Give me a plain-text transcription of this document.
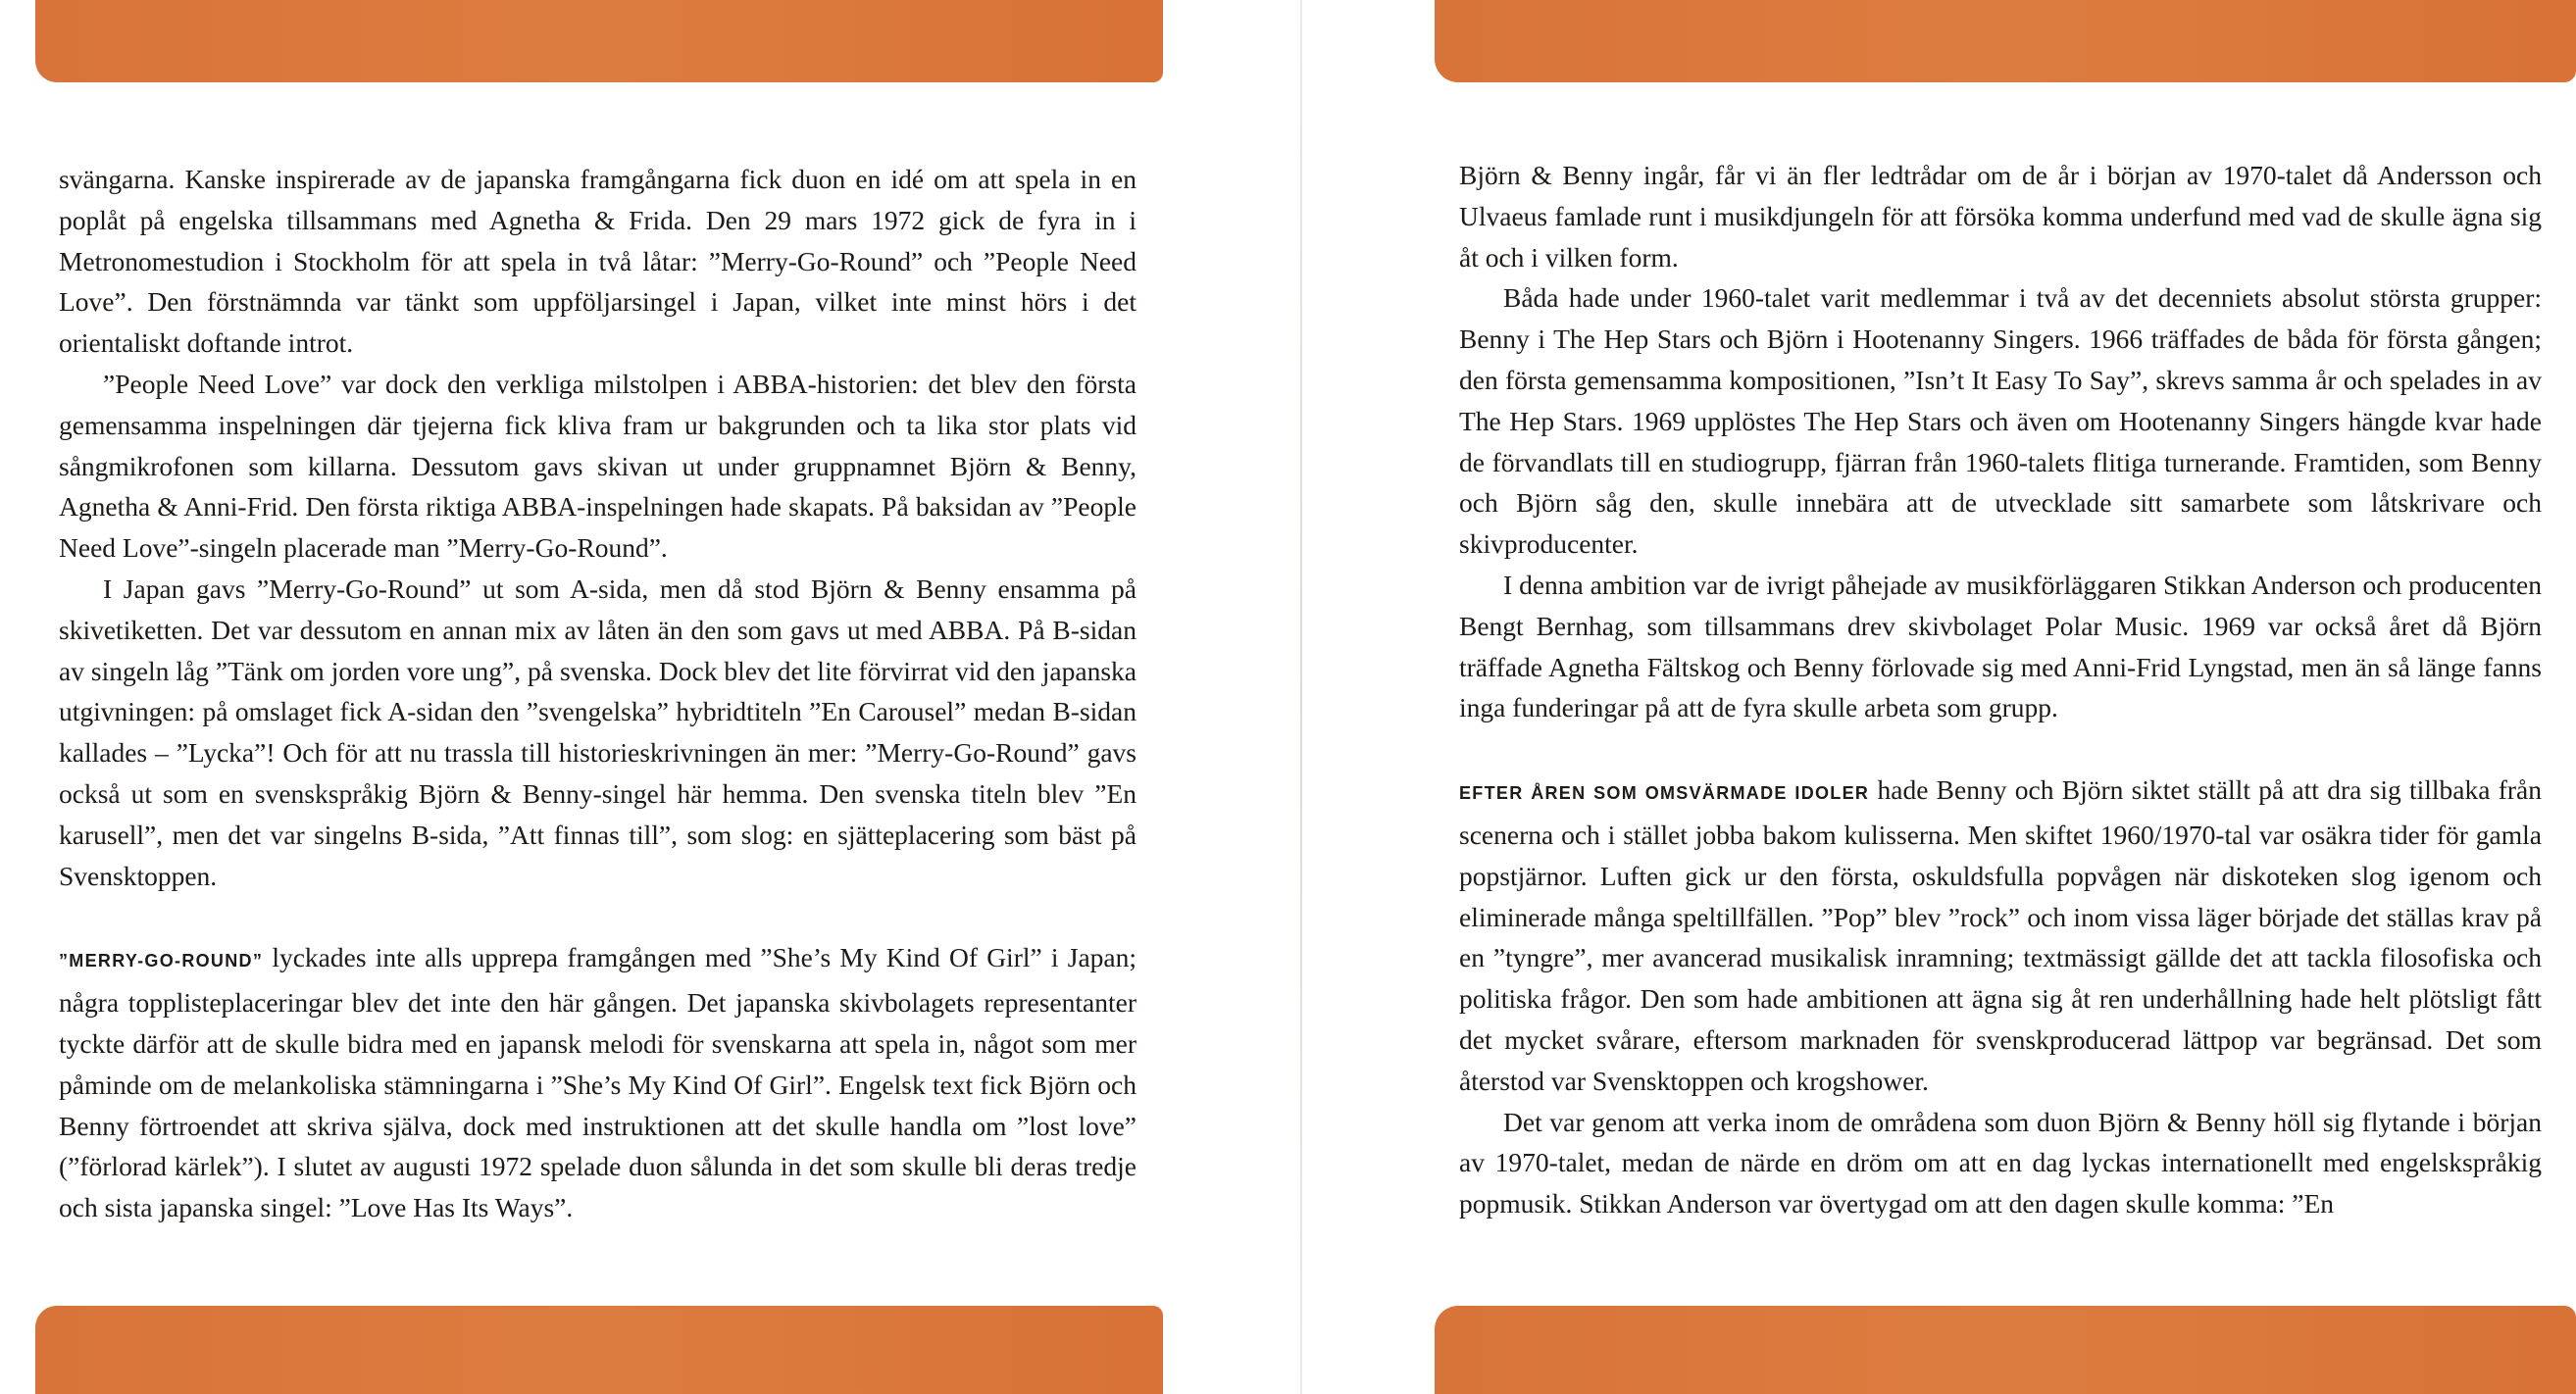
svängarna. Kanske inspirerade av de japanska framgångarna fick duon en idé om att spela in en poplåt på engelska tillsammans med Agnetha & Frida. Den 29 mars 1972 gick de fyra in i Metronomestudion i Stockholm för att spela in två låtar: ”Merry-Go-Round” och ”People Need Love”. Den förstnämnda var tänkt som uppföljarsingel i Japan, vilket inte minst hörs i det orientaliskt doftande introt.

”People Need Love” var dock den verkliga milstolpen i ABBA-historien: det blev den första gemensamma inspelningen där tjejerna fick kliva fram ur bakgrunden och ta lika stor plats vid sångmikrofonen som killarna. Dessutom gavs skivan ut under gruppnamnet Björn & Benny, Agnetha & Anni-Frid. Den första riktiga ABBA-inspelningen hade skapats. På baksidan av ”People Need Love”-singeln placerade man ”Merry-Go-Round”.

I Japan gavs ”Merry-Go-Round” ut som A-sida, men då stod Björn & Benny ensamma på skivetiketten. Det var dessutom en annan mix av låten än den som gavs ut med ABBA. På B-sidan av singeln låg ”Tänk om jorden vore ung”, på svenska. Dock blev det lite förvirrat vid den japanska utgivningen: på omslaget fick A-sidan den ”svengelska” hybridtiteln ”En Carousel” medan B-sidan kallades – ”Lycka”! Och för att nu trassla till historieskrivningen än mer: ”Merry-Go-Round” gavs också ut som en svenskspråkig Björn & Benny-singel här hemma. Den svenska titeln blev ”En karusell”, men det var singelns B-sida, ”Att finnas till”, som slog: en sjätteplacering som bäst på Svensktoppen.

”MERRY-GO-ROUND” lyckades inte alls upprepa framgången med ”She’s My Kind Of Girl” i Japan; några topplisteplaceringar blev det inte den här gången. Det japanska skivbolagets representanter tyckte därför att de skulle bidra med en japansk melodi för svenskarna att spela in, något som mer påminde om de melankoliska stämningarna i ”She’s My Kind Of Girl”. Engelsk text fick Björn och Benny förtroendet att skriva själva, dock med instruktionen att det skulle handla om ”lost love” (”förlorad kärlek”). I slutet av augusti 1972 spelade duon sålunda in det som skulle bli deras tredje och sista japanska singel: ”Love Has Its Ways”.

Björn & Benny ingår, får vi än fler ledtrådar om de år i början av 1970-talet då Andersson och Ulvaeus famlade runt i musikdjungeln för att försöka komma underfund med vad de skulle ägna sig åt och i vilken form.

Båda hade under 1960-talet varit medlemmar i två av det decenniets absolut största grupper: Benny i The Hep Stars och Björn i Hootenanny Singers. 1966 träffades de båda för första gången; den första gemensamma kompositionen, ”Isn’t It Easy To Say”, skrevs samma år och spelades in av The Hep Stars. 1969 upplöstes The Hep Stars och även om Hootenanny Singers hängde kvar hade de förvandlats till en studiogrupp, fjärran från 1960-talets flitiga turnerande. Framtiden, som Benny och Björn såg den, skulle innebära att de utvecklade sitt samarbete som låtskrivare och skivproducenter.

I denna ambition var de ivrigt påhejade av musikförläggaren Stikkan Anderson och producenten Bengt Bernhag, som tillsammans drev skivbolaget Polar Music. 1969 var också året då Björn träffade Agnetha Fältskog och Benny förlovade sig med Anni-Frid Lyngstad, men än så länge fanns inga funderingar på att de fyra skulle arbeta som grupp.

EFTER ÅREN SOM OMSVÄRMADE IDOLER hade Benny och Björn siktet ställt på att dra sig tillbaka från scenerna och i stället jobba bakom kulisserna. Men skiftet 1960/1970-tal var osäkra tider för gamla popstjärnor. Luften gick ur den första, oskuldsfulla popvågen när diskoteken slog igenom och eliminerade många speltillfällen. ”Pop” blev ”rock” och inom vissa läger började det ställas krav på en ”tyngre”, mer avancerad musikalisk inramning; textmässigt gällde det att tackla filosofiska och politiska frågor. Den som hade ambitionen att ägna sig åt ren underhållning hade helt plötsligt fått det mycket svårare, eftersom marknaden för svenskproducerad lättpop var begränsad. Det som återstod var Svensktoppen och krogshower.

Det var genom att verka inom de områdena som duon Björn & Benny höll sig flytande i början av 1970-talet, medan de närde en dröm om att en dag lyckas internationellt med engelskspråkig popmusik. Stikkan Anderson var övertygad om att den dagen skulle komma: ”En
